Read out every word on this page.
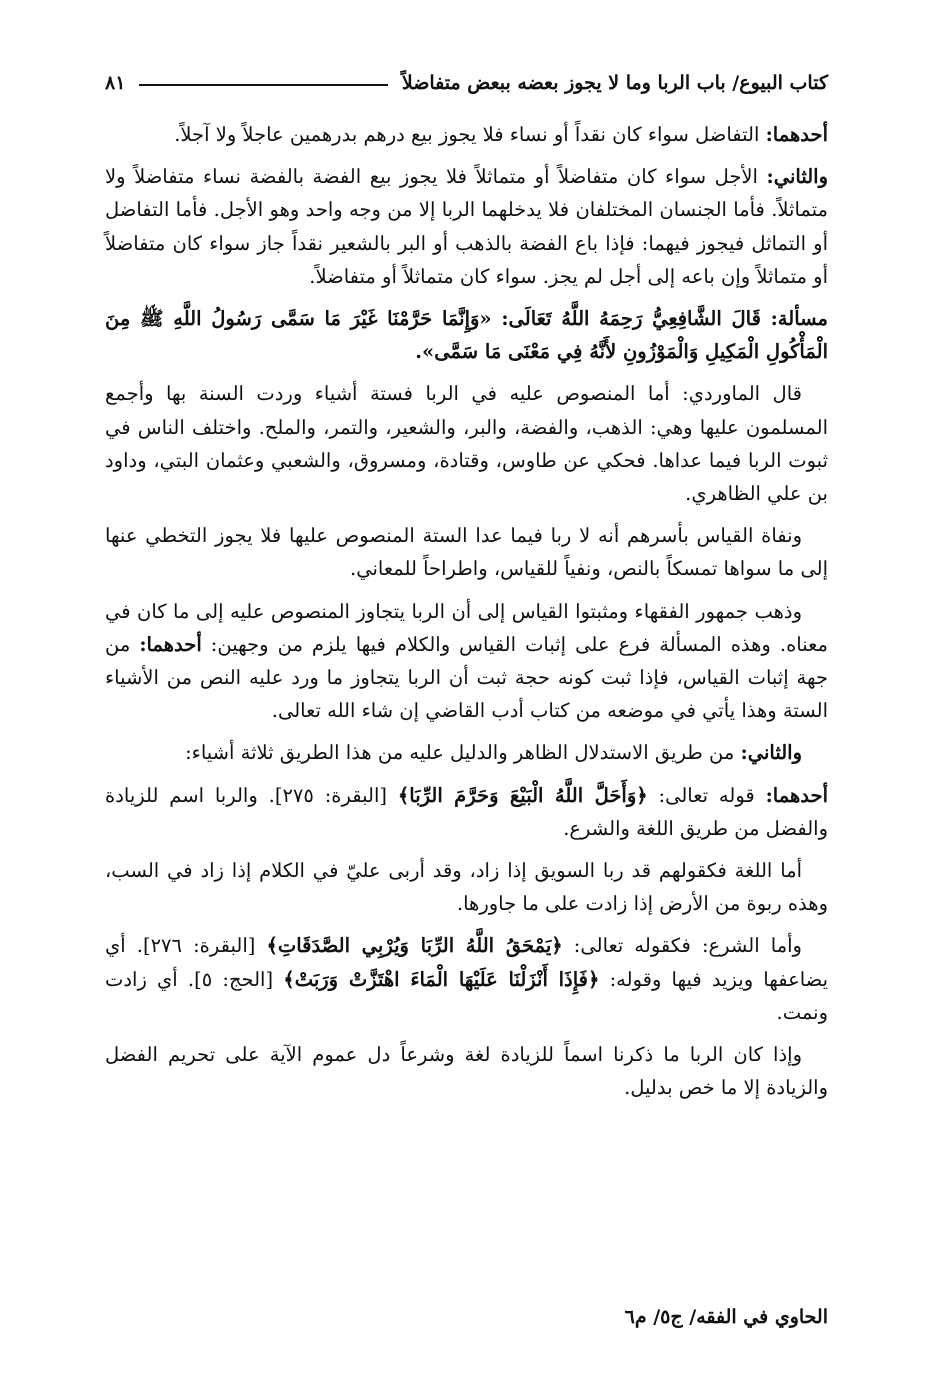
كتاب البيوع/ باب الربا وما لا يجوز بعضه ببعض متفاضلاً
٨١

أحدهما: التفاضل سواء كان نقداً أو نساء فلا يجوز بيع درهم بدرهمين عاجلاً ولا آجلاً.

والثاني: الأجل سواء كان متفاضلاً أو متماثلاً فلا يجوز بيع الفضة بالفضة نساء متفاضلاً ولا متماثلاً. فأما الجنسان المختلفان فلا يدخلهما الربا إلا من وجه واحد وهو الأجل. فأما التفاضل أو التماثل فيجوز فيهما: فإذا باع الفضة بالذهب أو البر بالشعير نقداً جاز سواء كان متفاضلاً أو متماثلاً وإن باعه إلى أجل لم يجز. سواء كان متماثلاً أو متفاضلاً.

مسألة: قَالَ الشَّافِعِيُّ رَحِمَهُ اللَّهُ تَعَالَى: «وَإِنَّمَا حَرَّمْنَا غَيْرَ مَا سَمَّى رَسُولُ اللَّهِ ﷺ مِنَ الْمَأْكُولِ الْمَكِيلِ وَالْمَوْزُونِ لأَنَّهُ فِي مَعْنَى مَا سَمَّى».

قال الماوردي: أما المنصوص عليه في الربا فستة أشياء وردت السنة بها وأجمع المسلمون عليها وهي: الذهب، والفضة، والبر، والشعير، والتمر، والملح. واختلف الناس في ثبوت الربا فيما عداها. فحكي عن طاوس، وقتادة، ومسروق، والشعبي وعثمان البتي، وداود بن علي الظاهري.

ونفاة القياس بأسرهم أنه لا ربا فيما عدا الستة المنصوص عليها فلا يجوز التخطي عنها إلى ما سواها تمسكاً بالنص، ونفياً للقياس، واطراحاً للمعاني.

وذهب جمهور الفقهاء ومثبتوا القياس إلى أن الربا يتجاوز المنصوص عليه إلى ما كان في معناه. وهذه المسألة فرع على إثبات القياس والكلام فيها يلزم من وجهين: أحدهما: من جهة إثبات القياس، فإذا ثبت كونه حجة ثبت أن الربا يتجاوز ما ورد عليه النص من الأشياء الستة وهذا يأتي في موضعه من كتاب أدب القاضي إن شاء الله تعالى.

والثاني: من طريق الاستدلال الظاهر والدليل عليه من هذا الطريق ثلاثة أشياء:

أحدهما: قوله تعالى: ﴿وَأَحَلَّ اللَّهُ الْبَيْعَ وَحَرَّمَ الرِّبَا﴾ [البقرة: ٢٧٥]. والربا اسم للزيادة والفضل من طريق اللغة والشرع.

أما اللغة فكقولهم قد ربا السويق إذا زاد، وقد أربى عليّ في الكلام إذا زاد في السب، وهذه ربوة من الأرض إذا زادت على ما جاورها.

وأما الشرع: فكقوله تعالى: ﴿يَمْحَقُ اللَّهُ الرِّبَا وَيُرْبِي الصَّدَقَاتِ﴾ [البقرة: ٢٧٦]. أي يضاعفها ويزيد فيها وقوله: ﴿فَإِذَا أَنْزَلْنَا عَلَيْهَا الْمَاءَ اهْتَزَّتْ وَرَبَتْ﴾ [الحج: ٥]. أي زادت ونمت.

وإذا كان الربا ما ذكرنا اسماً للزيادة لغة وشرعاً دل عموم الآية على تحريم الفضل والزيادة إلا ما خص بدليل.

الحاوي في الفقه/ ج٥/ م٦
